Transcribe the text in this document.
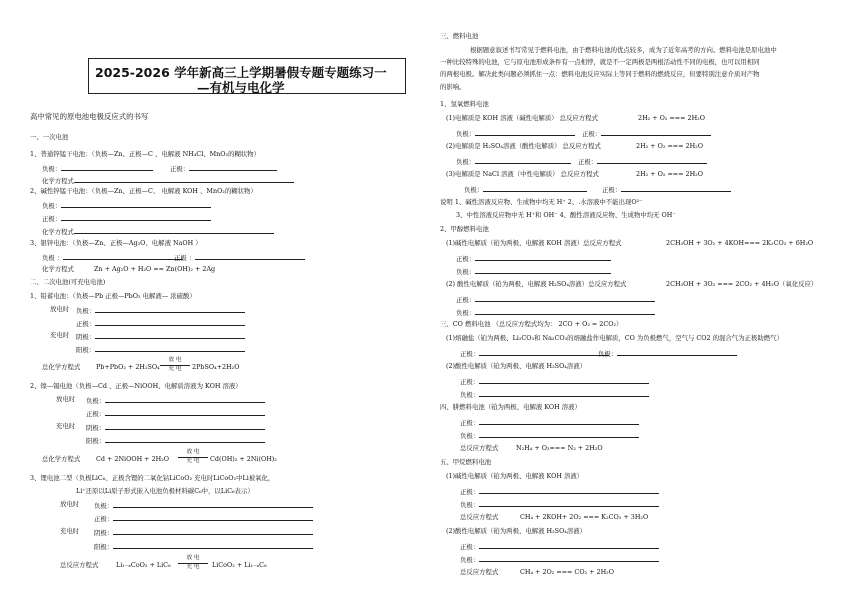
2025-2026 学年新高三上学期暑假专题专题练习一
—有机与电化学
高中常见的原电池电极反应式的书写
一、一次电池
1、普通锌锰干电池：（负极—Zn、正极—C 、电解液 NH₄Cl、MnO₂的糊状物）
负极：	正极：
化学方程式
2、碱性锌锰干电池：（负极—Zn、正极—C、 电解液 KOH 、MnO₂的糊状物）
负极：
正极：
化学方程式
3、银锌电池：（负极—Zn、正极—Ag₂O、电解液 NaOH ）
负极 ：	正极 ：
化学方程式	Zn + Ag₂O + H₂O == Zn(OH)₂ + 2Ag
二、二次电池(可充电电池)
1、铅蓄电池：（负极—Pb 正极—PbO₂ 电解液— 浓硫酸）
放电时 负极：
正极：
充电时 阴极：
阳极：
总化学方程式 Pb+PbO₂ + 2H₂SO₄
放 电
充 电	2PbSO₄+2H₂O
2、镍—镉电池（负极—Cd 、正极—NiOOH、电解质溶液为 KOH 溶液）
放电时 负极：
正极：
充电时 阴极：
阳极：
总化学方程式 Cd + 2NiOOH + 2H₂O
放 电
充 电	Cd(OH)₂ + 2Ni(OH)₂
3、锂电池二型（负极LiC₆、正极含锂的二氧化钴LiCoO₂ 充电时LiCoO₂中Li被氧化，
Li⁺还原以Li原子形式嵌入电池负极材料碳C₆中，以LiC₆表示）
放电时 负极：
正极：
充电时 阴极：
阳极：
总反应方程式	Li₁₋ₓCoO₂ + LiC₆
放 电
充 电	LiCoO₂ + Li₁₋ₓC₆
三、燃料电池
根据题意叙述书写常见于燃料电池，由于燃料电池的优点较多，成为了近年高考的方向。燃料电池是原电池中
一种比较特殊的电池，它与原电池形成条件有一点相悖，就是不一定两极是两根活动性不同的电极，也可以用相同
的两根电极。解决此类问题必须抓住一点：燃料电池反应实际上等同于燃料的燃烧反应，但要特别注意介质对产物
的影响。
1、氢氧燃料电池
(1)电解质是 KOH 溶液（碱性电解质） 总反应方程式	2H₂ + O₂ === 2H₂O
负极：	正极：
(2)电解质是 H₂SO₄溶液（酸性电解质） 总反应方程式	2H₂ + O₂ === 2H₂O
负极：	正极：
(3)电解质是 NaCl 溶液（中性电解质） 总反应方程式	2H₂ + O₂ === 2H₂O
负极：	正极：
说明 1、碱性溶液反应物、生成物中均无 H⁺ 2、.水溶液中不能出现O²⁻
3、中性溶液反应物中无 H⁺和 OH⁻ 4、酸性溶液反应物、生成物中均无 OH⁻
2、甲醇燃料电池
(1)碱性电解质（铂为两极、电解液 KOH 溶液）总反应方程式	2CH₃OH + 3O₂ + 4KOH=== 2K₂CO₃ + 6H₂O
正极：
负极：
(2) 酸性电解质（铂为两极、电解液 H₂SO₄溶液）总反应方程式	2CH₃OH + 3O₂ === 2CO₂ + 4H₂O（氧化反应）
正极：
负极：
三、CO 燃料电池 （总反应方程式均为： 2CO + O₂ = 2CO₂）
(1)熔融盐（铂为两极、Li₂CO₃和 Na₂CO₃的熔融盐作电解质，CO 为负极燃气，空气与 CO2 的混合气为正极助燃气）
正极：	负极：
(2)酸性电解质（铂为两极、电解液 H₂SO₄溶液）
正极：
负极：
四、肼燃料电池（铂为两极、电解液 KOH 溶液）
正极：
负极：
总反应方程式	N₂H₄ + O₂=== N₂ + 2H₂O
五、甲烷燃料电池
(1)碱性电解质（铂为两极、电解液 KOH 溶液）
正极：
负极：
总反应方程式	CH₄ + 2KOH+ 2O₂ === K₂CO₃ + 3H₂O
(2)酸性电解质（铂为两极、电解液 H₂SO₄溶液）
正极：
负极：
总反应方程式	CH₄ + 2O₂ === CO₂ + 2H₂O
